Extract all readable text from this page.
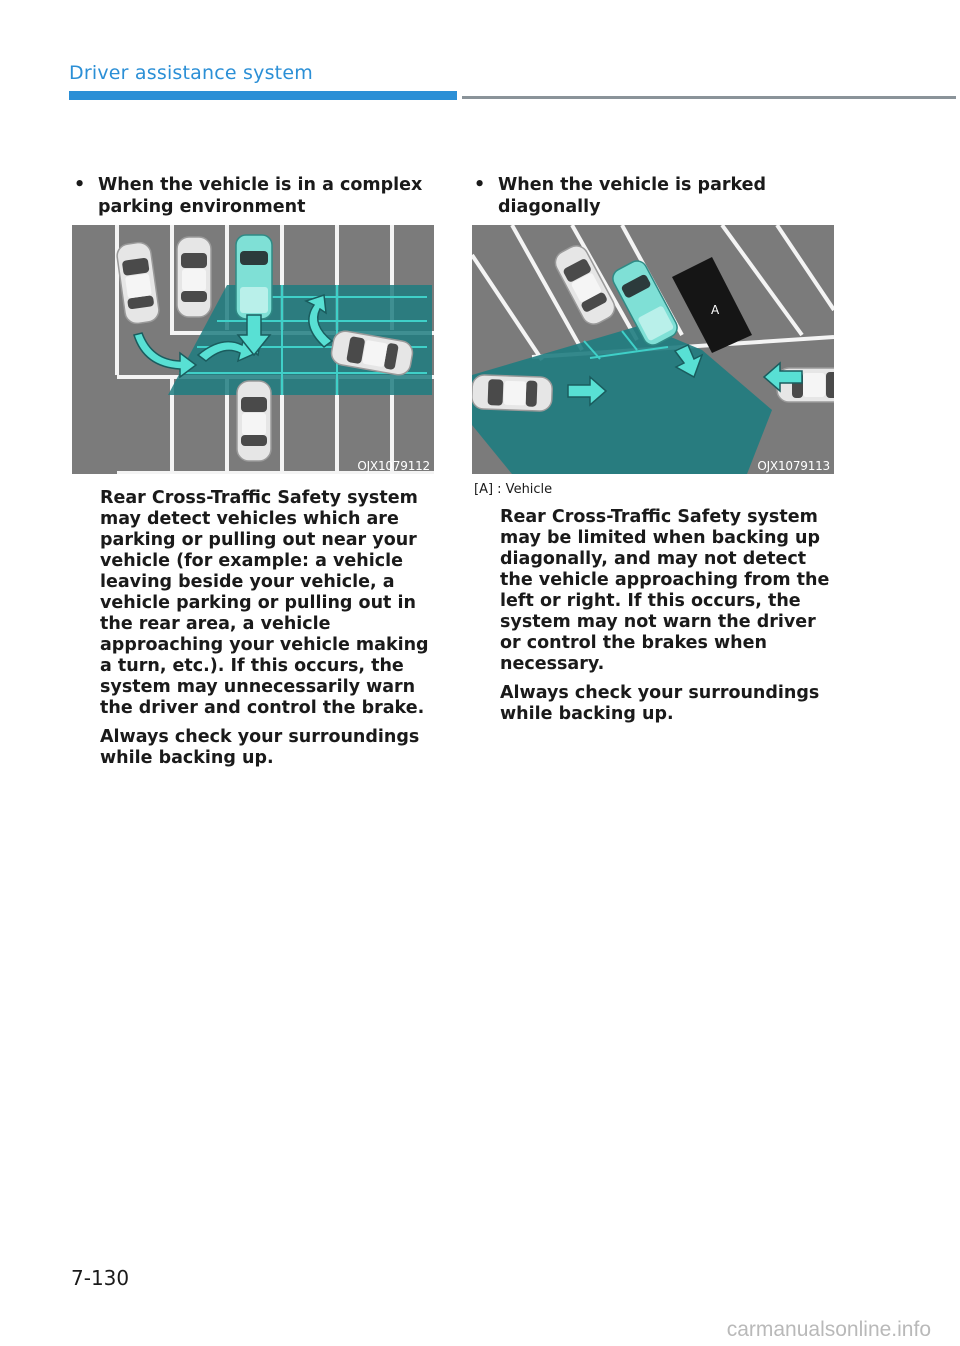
Driver assistance system
• When the vehicle is in a complex parking environment
OJX1079112
Rear Cross-Traffic Safety system may detect vehicles which are parking or pulling out near your vehicle (for example: a vehicle leaving beside your vehicle, a vehicle parking or pulling out in the rear area, a vehicle approaching your vehicle making a turn, etc.). If this occurs, the system may unnecessarily warn the driver and control the brake.
Always check your surroundings while backing up.
• When the vehicle is parked diagonally
A
OJX1079113
[A] : Vehicle
Rear Cross-Traffic Safety system may be limited when backing up diagonally, and may not detect the vehicle approaching from the left or right. If this occurs, the system may not warn the driver or control the brakes when necessary.
Always check your surroundings while backing up.
7-130
carmanualsonline.info
